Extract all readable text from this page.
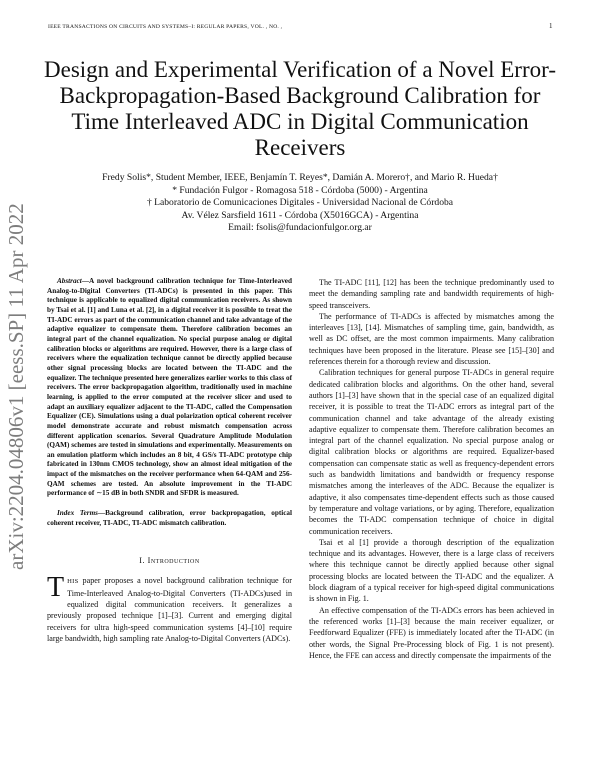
IEEE TRANSACTIONS ON CIRCUITS AND SYSTEMS–I: REGULAR PAPERS, VOL. , NO. ,	1
arXiv:2204.04806v1 [eess.SP] 11 Apr 2022
Design and Experimental Verification of a Novel Error-Backpropagation-Based Background Calibration for Time Interleaved ADC in Digital Communication Receivers
Fredy Solis*, Student Member, IEEE, Benjamín T. Reyes*, Damián A. Morero†, and Mario R. Hueda†
* Fundación Fulgor - Romagosa 518 - Córdoba (5000) - Argentina
† Laboratorio de Comunicaciones Digitales - Universidad Nacional de Córdoba
Av. Vélez Sarsfield 1611 - Córdoba (X5016GCA) - Argentina
Email: fsolis@fundacionfulgor.org.ar

Abstract—A novel background calibration technique for Time-Interleaved Analog-to-Digital Converters (TI-ADCs) is presented in this paper. This technique is applicable to equalized digital communication receivers. As shown by Tsai et al. [1] and Luna et al. [2], in a digital receiver it is possible to treat the TI-ADC errors as part of the communication channel and take advantage of the adaptive equalizer to compensate them. Therefore calibration becomes an integral part of the channel equalization. No special purpose analog or digital calibration blocks or algorithms are required. However, there is a large class of receivers where the equalization technique cannot be directly applied because other signal processing blocks are located between the TI-ADC and the equalizer. The technique presented here generalizes earlier works to this class of receivers. The error backpropagation algorithm, traditionally used in machine learning, is applied to the error computed at the receiver slicer and used to adapt an auxiliary equalizer adjacent to the TI-ADC, called the Compensation Equalizer (CE). Simulations using a dual polarization optical coherent receiver model demonstrate accurate and robust mismatch compensation across different application scenarios. Several Quadrature Amplitude Modulation (QAM) schemes are tested in simulations and experimentally. Measurements on an emulation platform which includes an 8 bit, 4 GS/s TI-ADC prototype chip fabricated in 130nm CMOS technology, show an almost ideal mitigation of the impact of the mismatches on the receiver performance when 64-QAM and 256-QAM schemes are tested. An absolute improvement in the TI-ADC performance of ∼15 dB in both SNDR and SFDR is measured.

Index Terms—Background calibration, error backpropagation, optical coherent receiver, TI-ADC, TI-ADC mismatch calibration.

I. Introduction

THIS paper proposes a novel background calibration technique for Time-Interleaved Analog-to-Digital Converters (TI-ADCs)used in equalized digital communication receivers. It generalizes a previously proposed technique [1]–[3]. Current and emerging digital receivers for ultra high-speed communication systems [4]–[10] require large bandwidth, high sampling rate Analog-to-Digital Converters (ADCs).

The TI-ADC [11], [12] has been the technique predominantly used to meet the demanding sampling rate and bandwidth requirements of high-speed transceivers.

The performance of TI-ADCs is affected by mismatches among the interleaves [13], [14]. Mismatches of sampling time, gain, bandwidth, as well as DC offset, are the most common impairments. Many calibration techniques have been proposed in the literature. Please see [15]–[30] and references therein for a thorough review and discussion.

Calibration techniques for general purpose TI-ADCs in general require dedicated calibration blocks and algorithms. On the other hand, several authors [1]–[3] have shown that in the special case of an equalized digital receiver, it is possible to treat the TI-ADC errors as integral part of the communication channel and take advantage of the already existing adaptive equalizer to compensate them. Therefore calibration becomes an integral part of the channel equalization. No special purpose analog or digital calibration blocks or algorithms are required. Equalizer-based compensation can compensate static as well as frequency-dependent errors such as bandwidth limitations and bandwidth or frequency response mismatches among the interleaves of the ADC. Because the equalizer is adaptive, it also compensates time-dependent effects such as those caused by temperature and voltage variations, or by aging. Therefore, equalization becomes the TI-ADC compensation technique of choice in digital communication receivers.

Tsai et al [1] provide a thorough description of the equalization technique and its advantages. However, there is a large class of receivers where this technique cannot be directly applied because other signal processing blocks are located between the TI-ADC and the equalizer. A block diagram of a typical receiver for high-speed digital communications is shown in Fig. 1.

An effective compensation of the TI-ADCs errors has been achieved in the referenced works [1]–[3] because the main receiver equalizer, or Feedforward Equalizer (FFE) is immediately located after the TI-ADC (in other words, the Signal Pre-Processing block of Fig. 1 is not present). Hence, the FFE can access and directly compensate the impairments of the
